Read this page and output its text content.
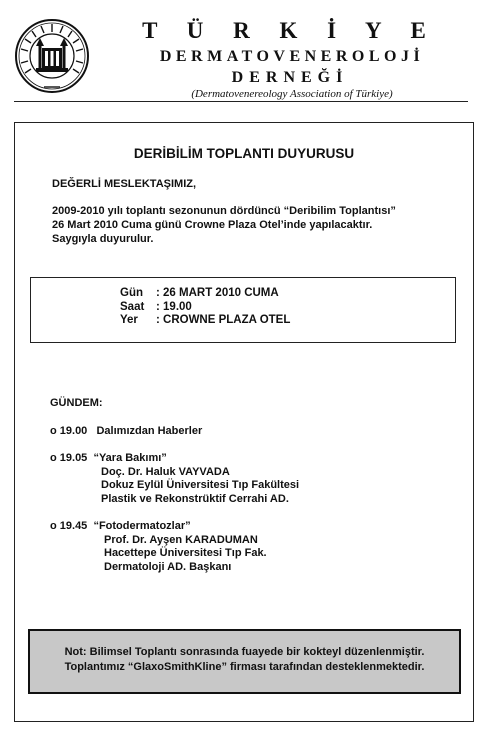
T Ü R K İ Y E
DERMATOVENEROLOJİ
DERNEĞİ
(Dermatovenereology Association of Türkiye)
DERİBİLİM TOPLANTI DUYURUSU
DEĞERLİ MESLEKTAŞIMIZ,
2009-2010 yılı toplantı sezonunun dördüncü “Deribilim Toplantısı”
26 Mart 2010 Cuma günü Crowne Plaza Otel’inde yapılacaktır.
Saygıyla duyurulur.
Gün	: 26 MART 2010 CUMA
Saat	: 19.00
Yer	: CROWNE PLAZA OTEL
GÜNDEM:
o 19.00 Dalımızdan Haberler
o 19.05 “Yara Bakımı”
Doç. Dr. Haluk VAYVADA
Dokuz Eylül Üniversitesi Tıp Fakültesi
Plastik ve Rekonstrüktif Cerrahi AD.
o 19.45 “Fotodermatozlar”
Prof. Dr. Ayşen KARADUMAN
Hacettepe Üniversitesi Tıp Fak.
Dermatoloji AD. Başkanı
Not: Bilimsel Toplantı sonrasında fuayede bir kokteyl düzenlenmiştir.
Toplantımız “GlaxoSmithKline” firması tarafından desteklenmektedir.
